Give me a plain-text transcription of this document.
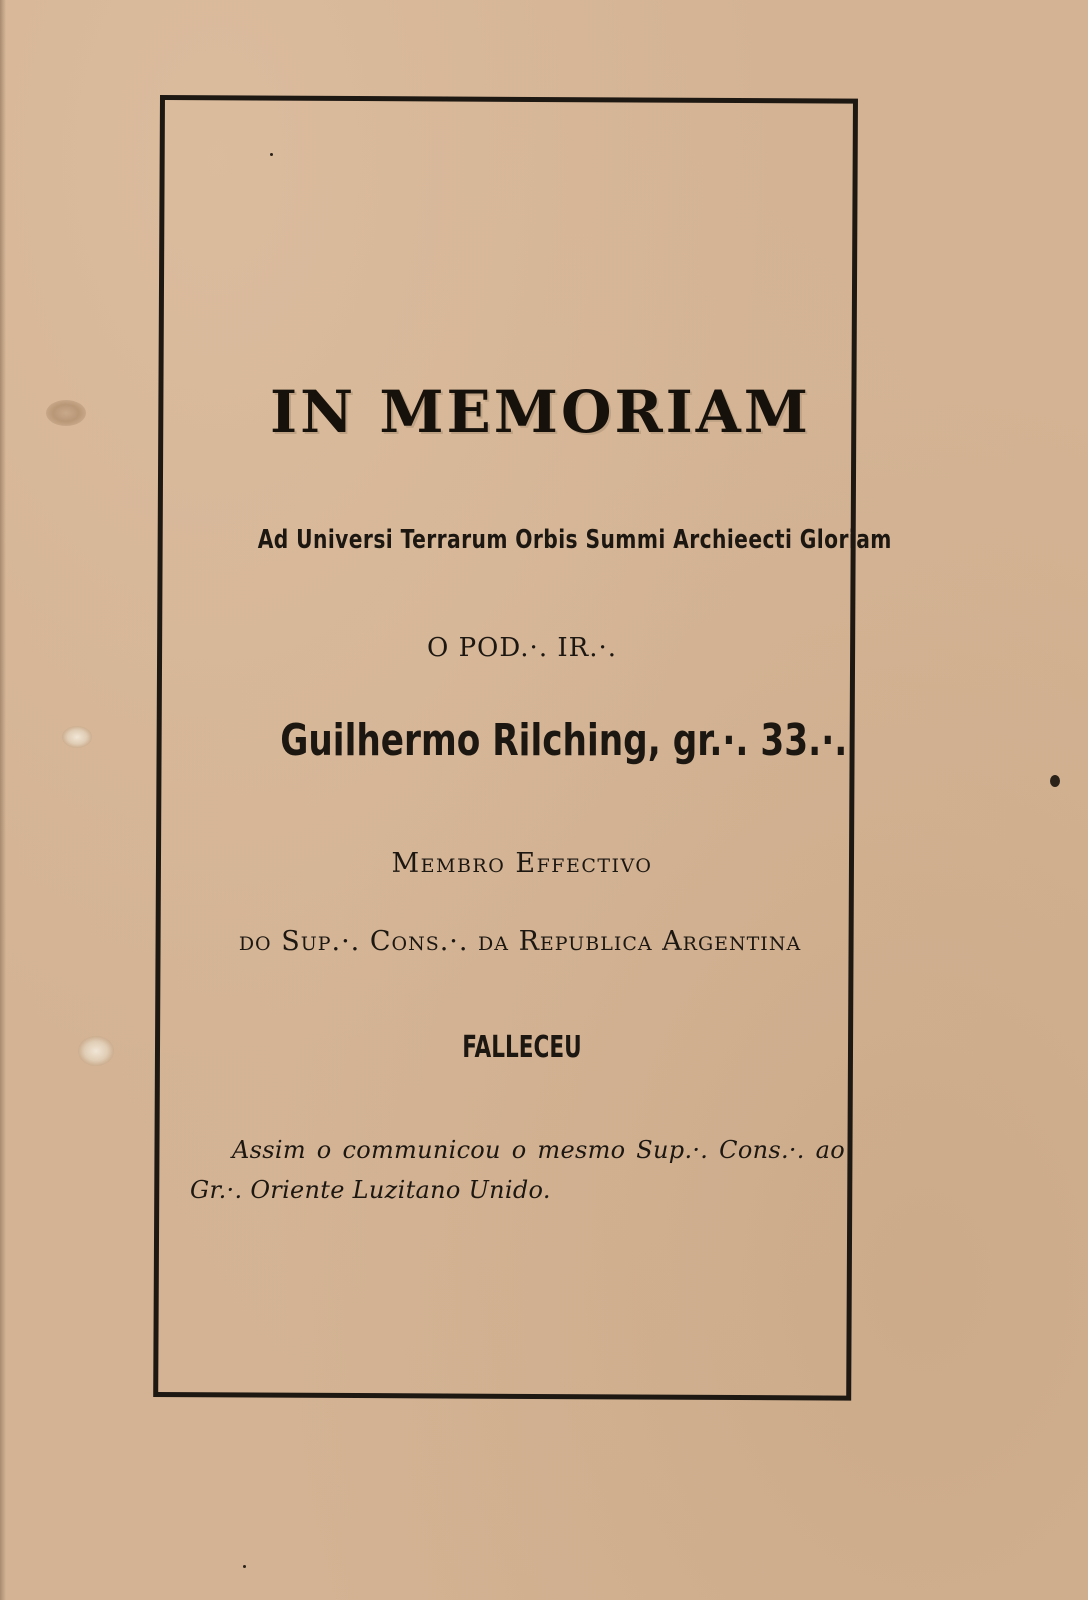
IN MEMORIAM

Ad Universi Terrarum Orbis Summi Archieecti Gloriam

O POD.·. IR.·.

Guilhermo Rilching, gr.·. 33.·.

Membro Effectivo

do Sup.·. Cons.·. da Republica Argentina

FALLECEU

Assim o communicou o mesmo Sup.·. Cons.·. ao Gr.·. Oriente Luzitano Unido.
